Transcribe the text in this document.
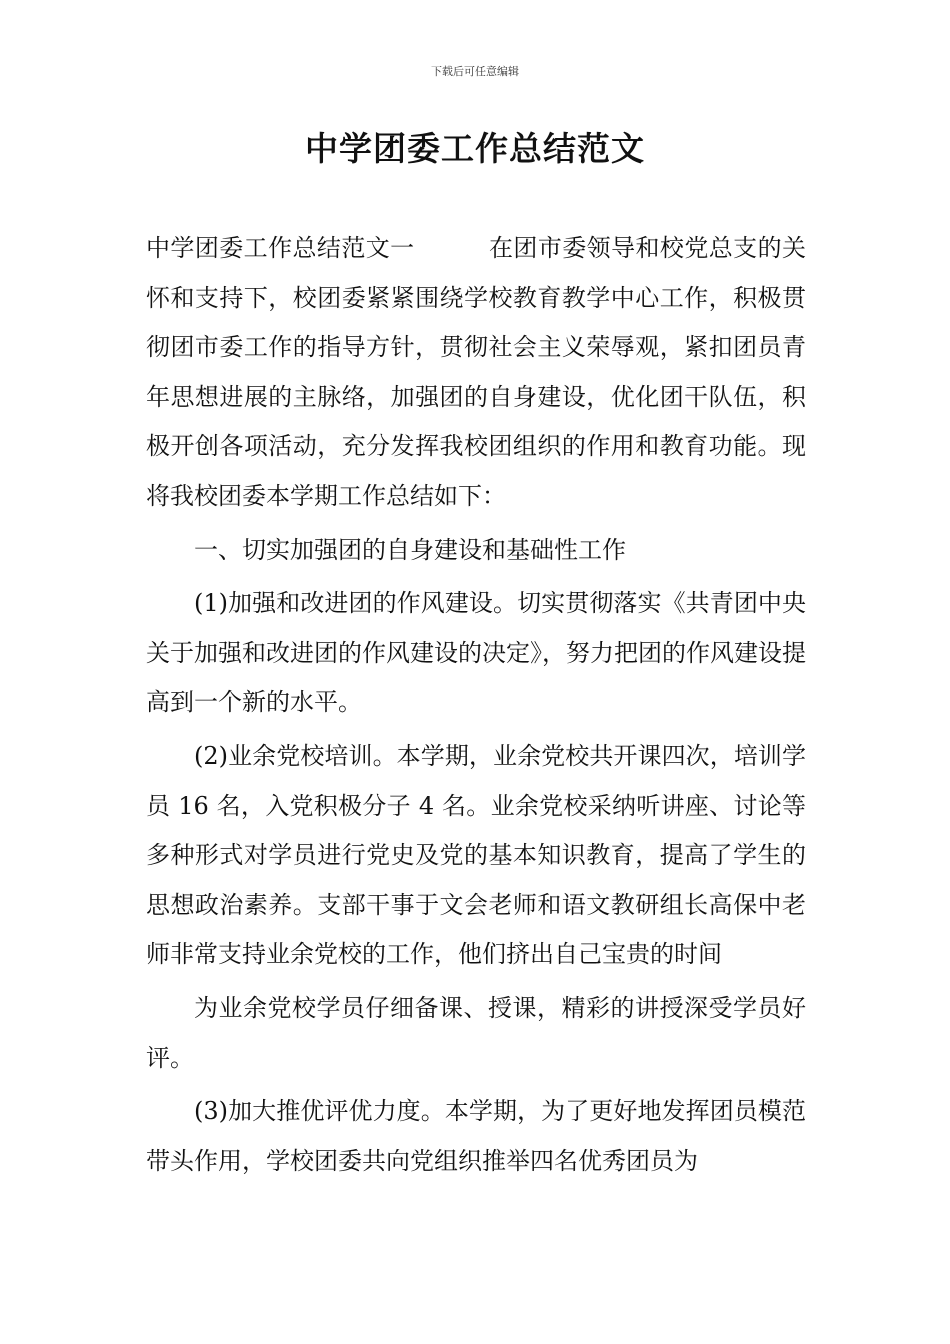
下载后可任意编辑
中学团委工作总结范文

中学团委工作总结范文一	在团市委领导和校党总支的关怀和支持下，校团委紧紧围绕学校教育教学中心工作，积极贯彻团市委工作的指导方针，贯彻社会主义荣辱观，紧扣团员青年思想进展的主脉络，加强团的自身建设，优化团干队伍，积极开创各项活动，充分发挥我校团组织的作用和教育功能。现将我校团委本学期工作总结如下：

一、切实加强团的自身建设和基础性工作

(1)加强和改进团的作风建设。切实贯彻落实《共青团中央关于加强和改进团的作风建设的决定》，努力把团的作风建设提高到一个新的水平。

(2)业余党校培训。本学期，业余党校共开课四次，培训学员 16 名，入党积极分子 4 名。业余党校采纳听讲座、讨论等多种形式对学员进行党史及党的基本知识教育，提高了学生的思想政治素养。支部干事于文会老师和语文教研组长高保中老师非常支持业余党校的工作，他们挤出自己宝贵的时间

为业余党校学员仔细备课、授课，精彩的讲授深受学员好评。

(3)加大推优评优力度。本学期，为了更好地发挥团员模范带头作用，学校团委共向党组织推举四名优秀团员为
